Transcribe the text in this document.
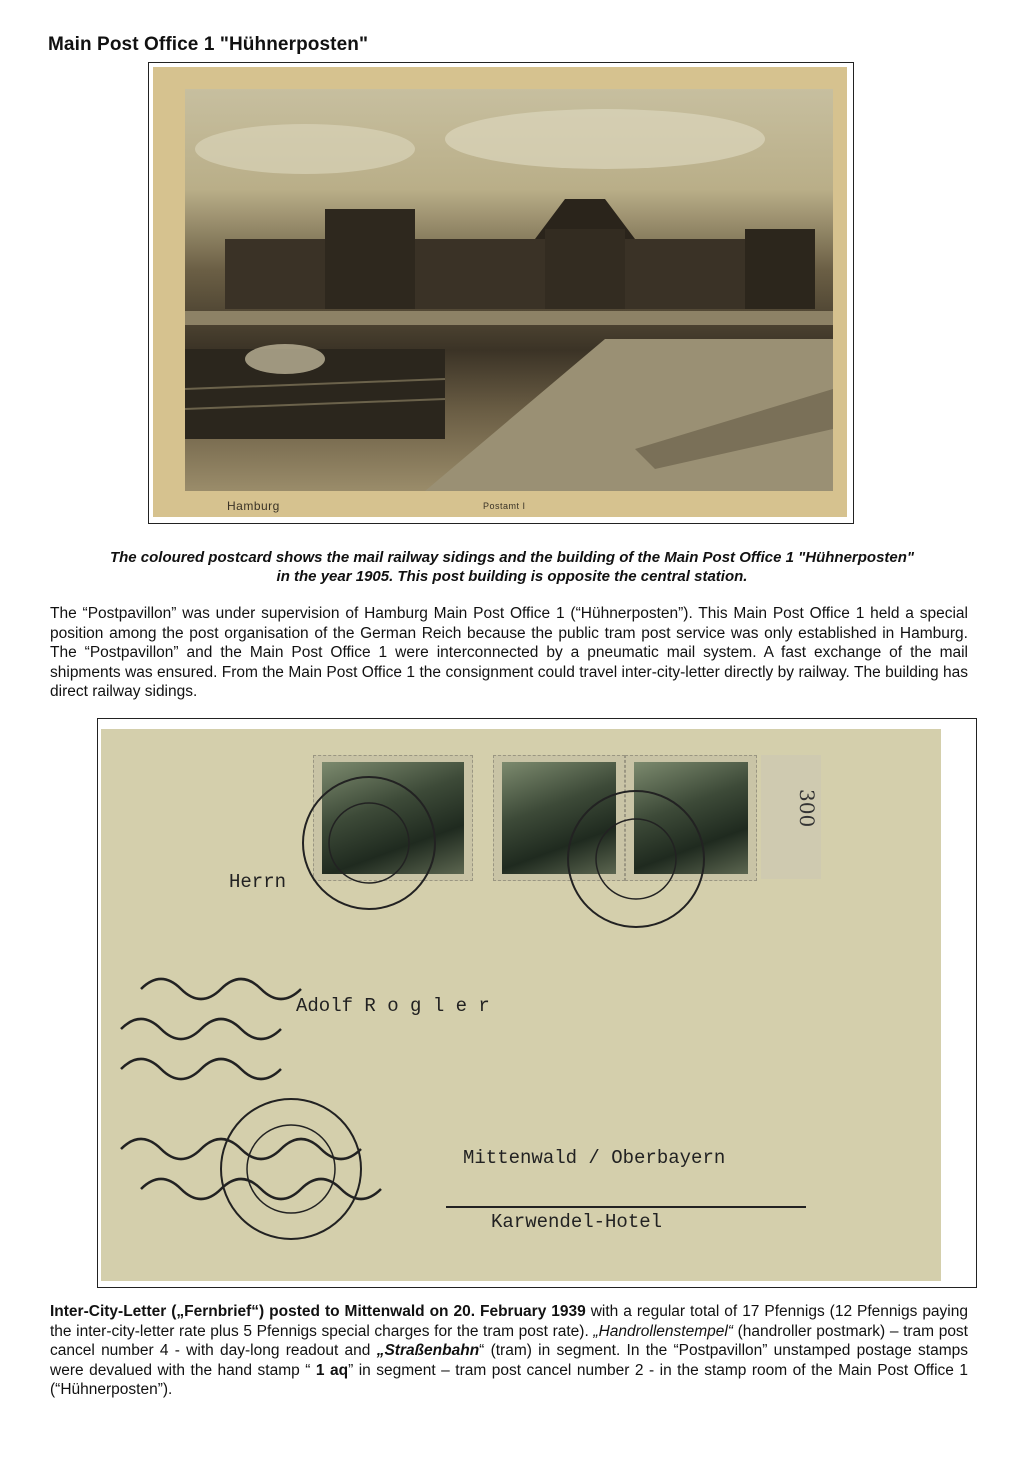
Main Post Office 1 "Hühnerposten"
Hamburg	Postamt I
The coloured postcard shows the mail railway sidings and the building of the Main Post Office 1 "Hühnerposten" in the year 1905. This post building is opposite the central station.
The “Postpavillon” was under supervision of Hamburg Main Post Office 1 (“Hühnerposten”). This Main Post Office 1 held a special position among the post organisation of the German Reich because the public tram post service was only established in Hamburg. The “Postpavillon” and the Main Post Office 1 were interconnected by a pneumatic mail system. A fast exchange of the mail shipments was ensured. From the Main Post Office 1 the consignment could travel inter-city-letter directly by railway. The building has direct railway sidings.
300
Herrn
Adolf R o g l e r
Mittenwald / Oberbayern
Karwendel-Hotel
Inter-City-Letter („Fernbrief“) posted to Mittenwald on 20. February 1939 with a regular total of 17 Pfennigs (12 Pfennigs paying the inter-city-letter rate plus 5 Pfennigs special charges for the tram post rate). „Handrollenstempel“ (handroller postmark) – tram post cancel number 4 - with day-long readout and „Straßenbahn“ (tram) in segment. In the “Postpavillon” unstamped postage stamps were devalued with the hand stamp “ 1 aq” in segment – tram post cancel number 2 - in the stamp room of the Main Post Office 1 (“Hühnerposten”).
